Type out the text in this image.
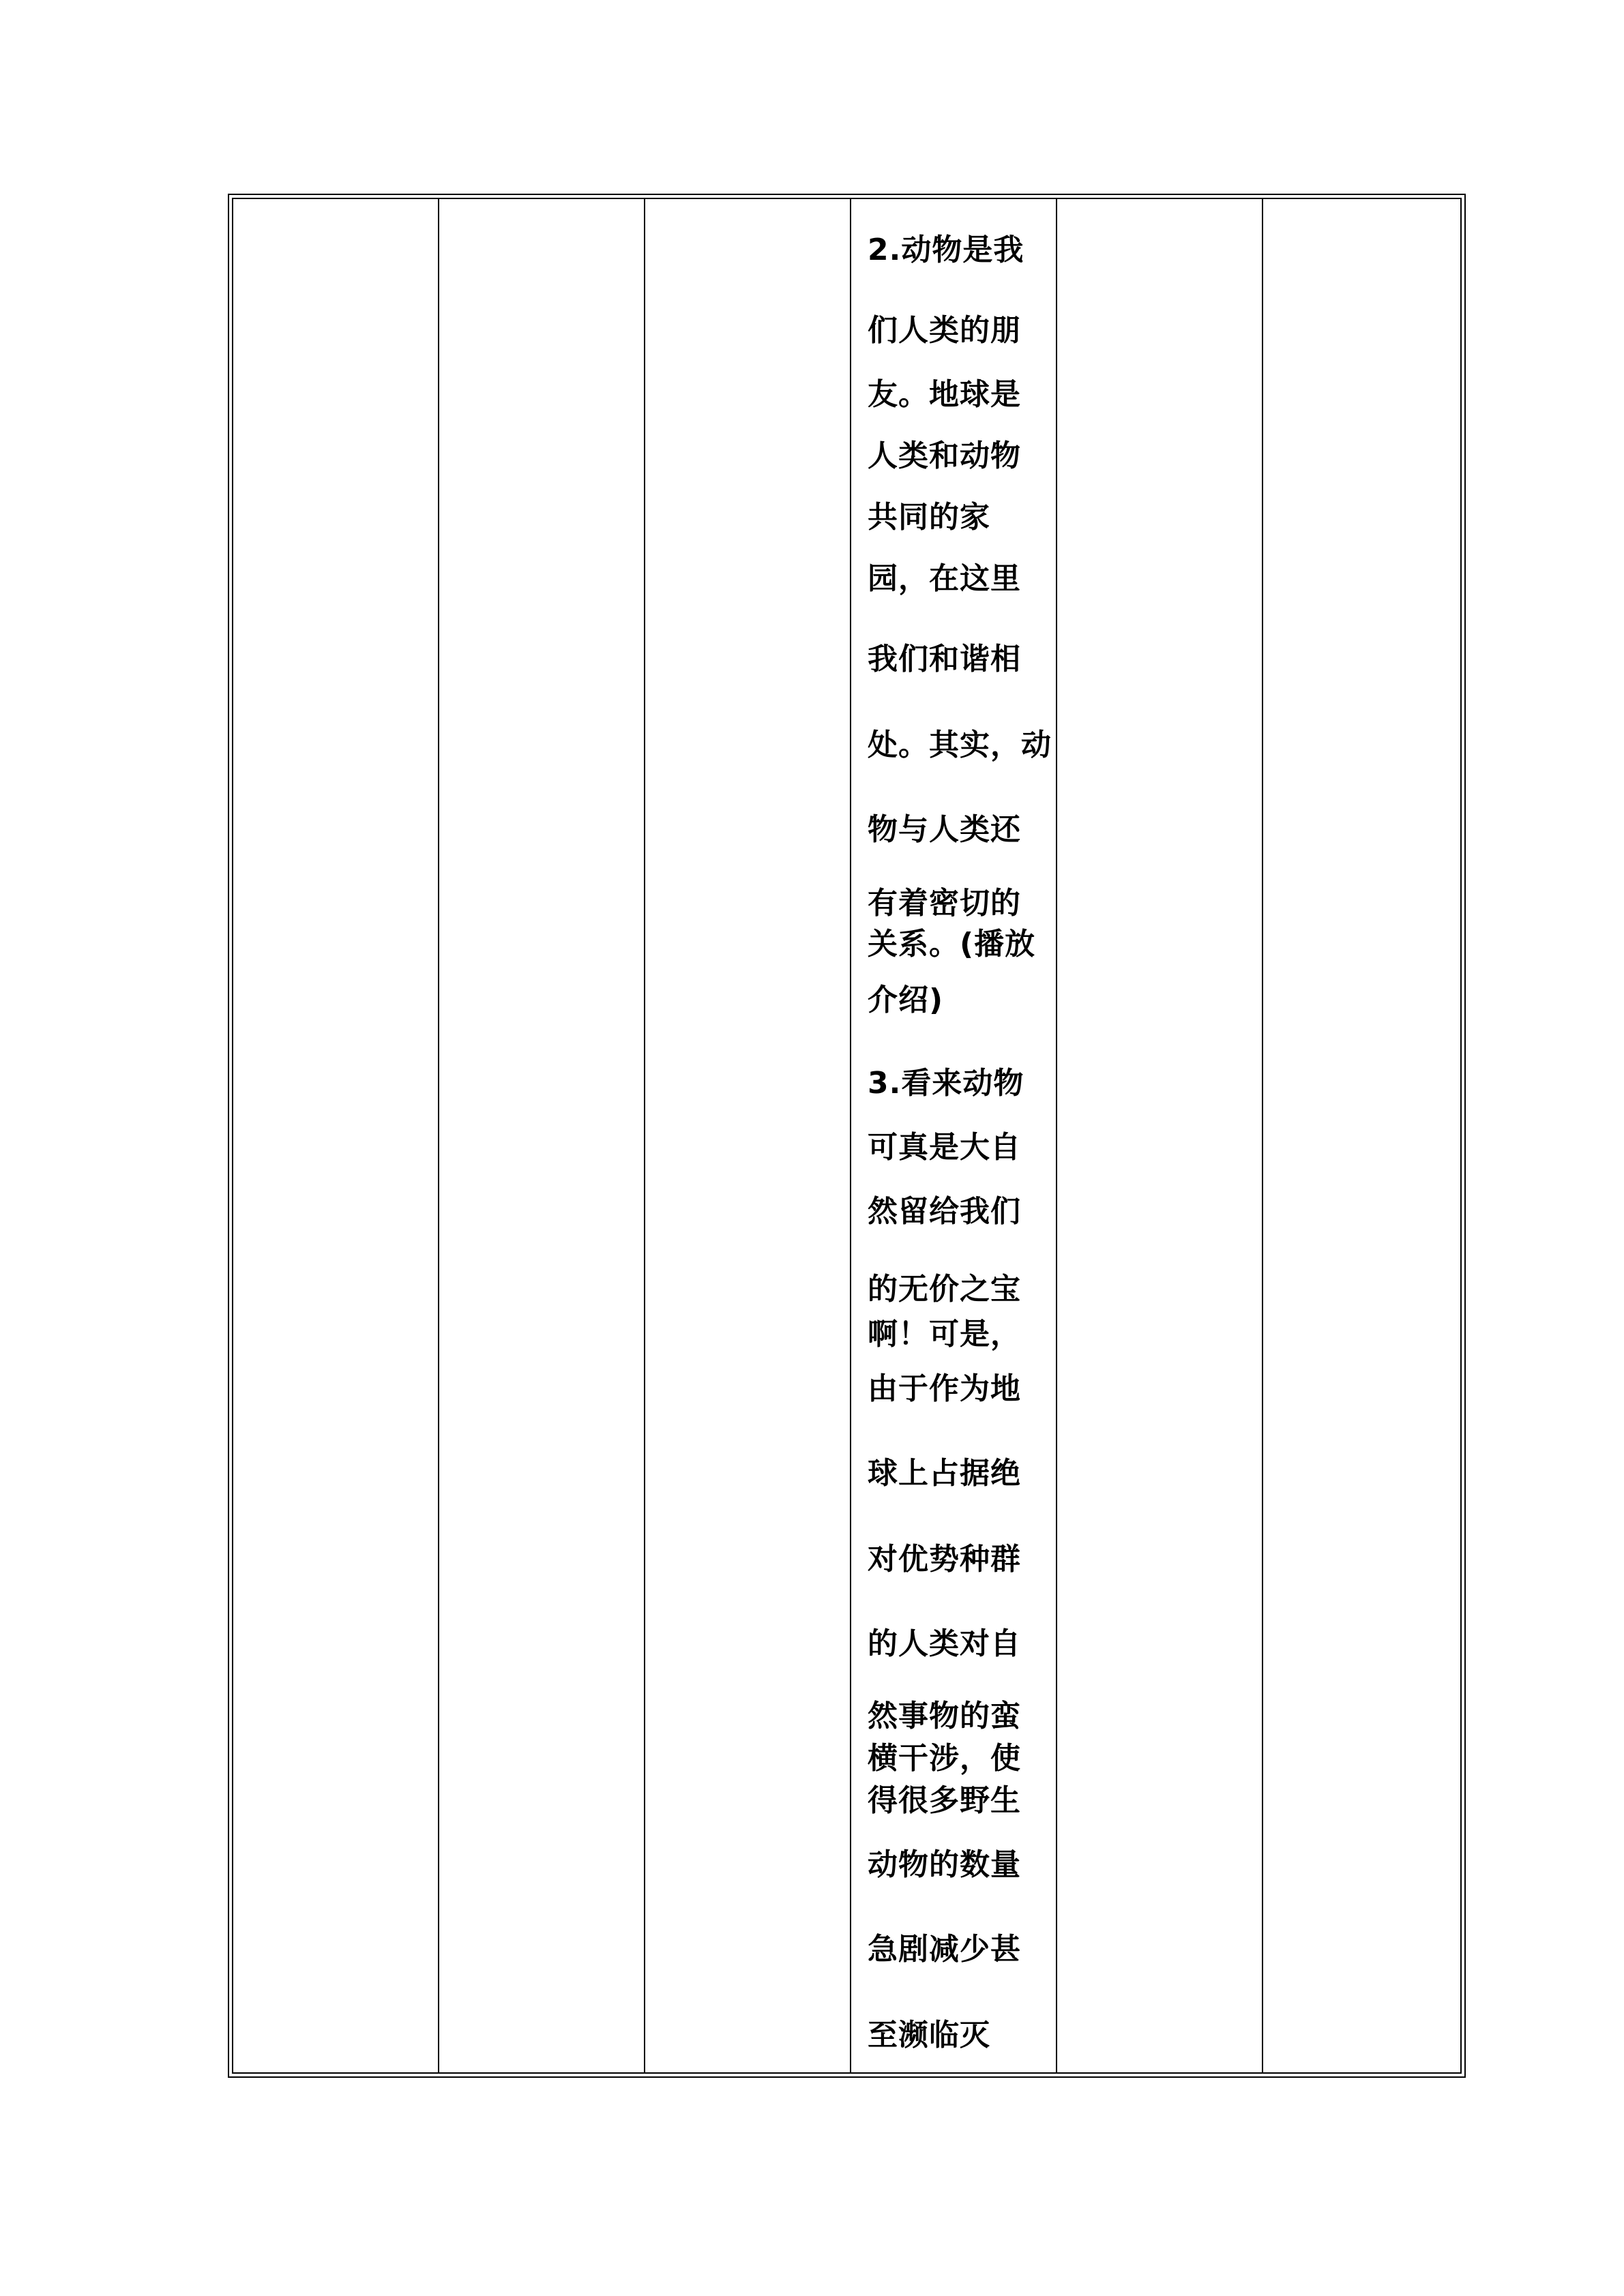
2.动物是我
们人类的朋
友。地球是
人类和动物
共同的家
园，在这里
我们和谐相
处。其实，动
物与人类还
有着密切的
关系。(播放
介绍)
3.看来动物
可真是大自
然留给我们
的无价之宝
啊！可是，
由于作为地
球上占据绝
对优势种群
的人类对自
然事物的蛮
横干涉，使
得很多野生
动物的数量
急剧减少甚
至濒临灭
